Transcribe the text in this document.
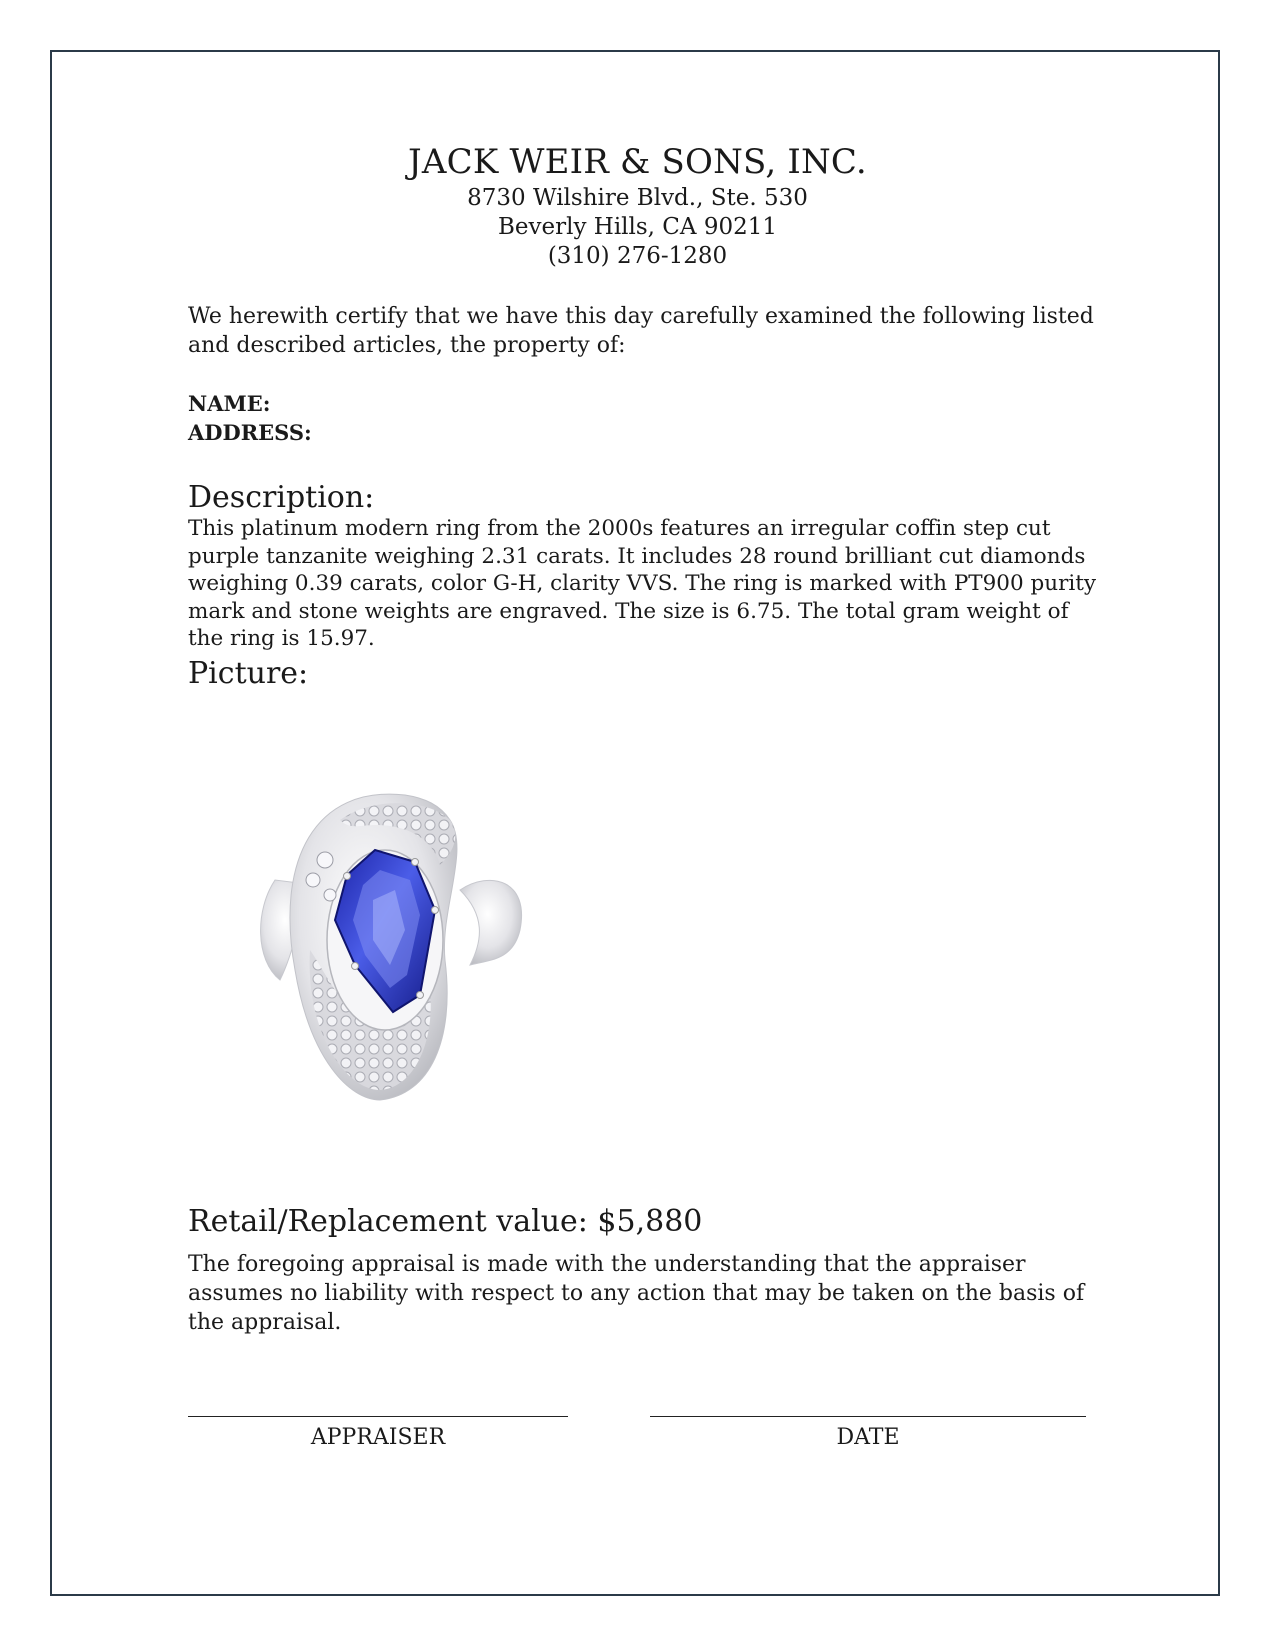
JACK WEIR & SONS, INC.
8730 Wilshire Blvd., Ste. 530
Beverly Hills, CA 90211
(310) 276-1280
We herewith certify that we have this day carefully examined the following listed and described articles, the property of:
NAME:
ADDRESS:
Description:
This platinum modern ring from the 2000s features an irregular coffin step cut purple tanzanite weighing 2.31 carats. It includes 28 round brilliant cut diamonds weighing 0.39 carats, color G-H, clarity VVS. The ring is marked with PT900 purity mark and stone weights are engraved. The size is 6.75. The total gram weight of the ring is 15.97.
Picture:
Retail/Replacement value: $5,880
The foregoing appraisal is made with the understanding that the appraiser assumes no liability with respect to any action that may be taken on the basis of the appraisal.
APPRAISER	DATE
